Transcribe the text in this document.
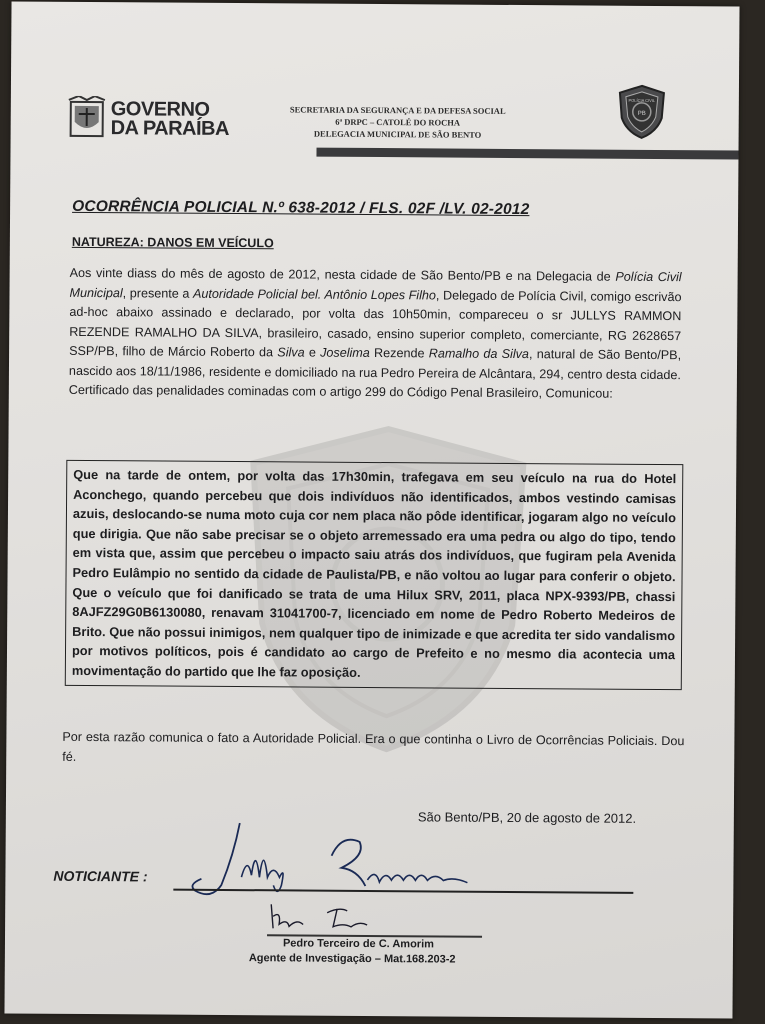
GOVERNO
DA PARAÍBA
SECRETARIA DA SEGURANÇA E DA DEFESA SOCIAL
6ª DRPC – CATOLÉ DO ROCHA
DELEGACIA MUNICIPAL DE SÃO BENTO
POLÍCIA CIVIL
PB
OCORRÊNCIA POLICIAL N.º 638-2012 / FLS. 02F /LV. 02-2012
NATUREZA: DANOS EM VEÍCULO
Aos vinte diass do mês de agosto de 2012, nesta cidade de São Bento/PB e na Delegacia de Polícia Civil Municipal, presente a Autoridade Policial bel. Antônio Lopes Filho, Delegado de Polícia Civil, comigo escrivão ad-hoc abaixo assinado e declarado, por volta das 10h50min, compareceu o sr JULLYS RAMMON REZENDE RAMALHO DA SILVA, brasileiro, casado, ensino superior completo, comerciante, RG 2628657 SSP/PB, filho de Márcio Roberto da Silva e Joselima Rezende Ramalho da Silva, natural de São Bento/PB, nascido aos 18/11/1986, residente e domiciliado na rua Pedro Pereira de Alcântara, 294, centro desta cidade. Certificado das penalidades cominadas com o artigo 299 do Código Penal Brasileiro, Comunicou:
Que na tarde de ontem, por volta das 17h30min, trafegava em seu veículo na rua do Hotel Aconchego, quando percebeu que dois indivíduos não identificados, ambos vestindo camisas azuis, deslocando-se numa moto cuja cor nem placa não pôde identificar, jogaram algo no veículo que dirigia. Que não sabe precisar se o objeto arremessado era uma pedra ou algo do tipo, tendo em vista que, assim que percebeu o impacto saiu atrás dos indivíduos, que fugiram pela Avenida Pedro Eulâmpio no sentido da cidade de Paulista/PB, e não voltou ao lugar para conferir o objeto. Que o veículo que foi danificado se trata de uma Hilux SRV, 2011, placa NPX-9393/PB, chassi 8AJFZ29G0B6130080, renavam 31041700-7, licenciado em nome de Pedro Roberto Medeiros de Brito. Que não possui inimigos, nem qualquer tipo de inimizade e que acredita ter sido vandalismo por motivos políticos, pois é candidato ao cargo de Prefeito e no mesmo dia acontecia uma movimentação do partido que lhe faz oposição.
Por esta razão comunica o fato a Autoridade Policial. Era o que continha o Livro de Ocorrências Policiais. Dou fé.
São Bento/PB, 20 de agosto de 2012.
NOTICIANTE :
Jullys Rammon
Pedro Terceiro de C. Amorim
Agente de Investigação – Mat.168.203-2
